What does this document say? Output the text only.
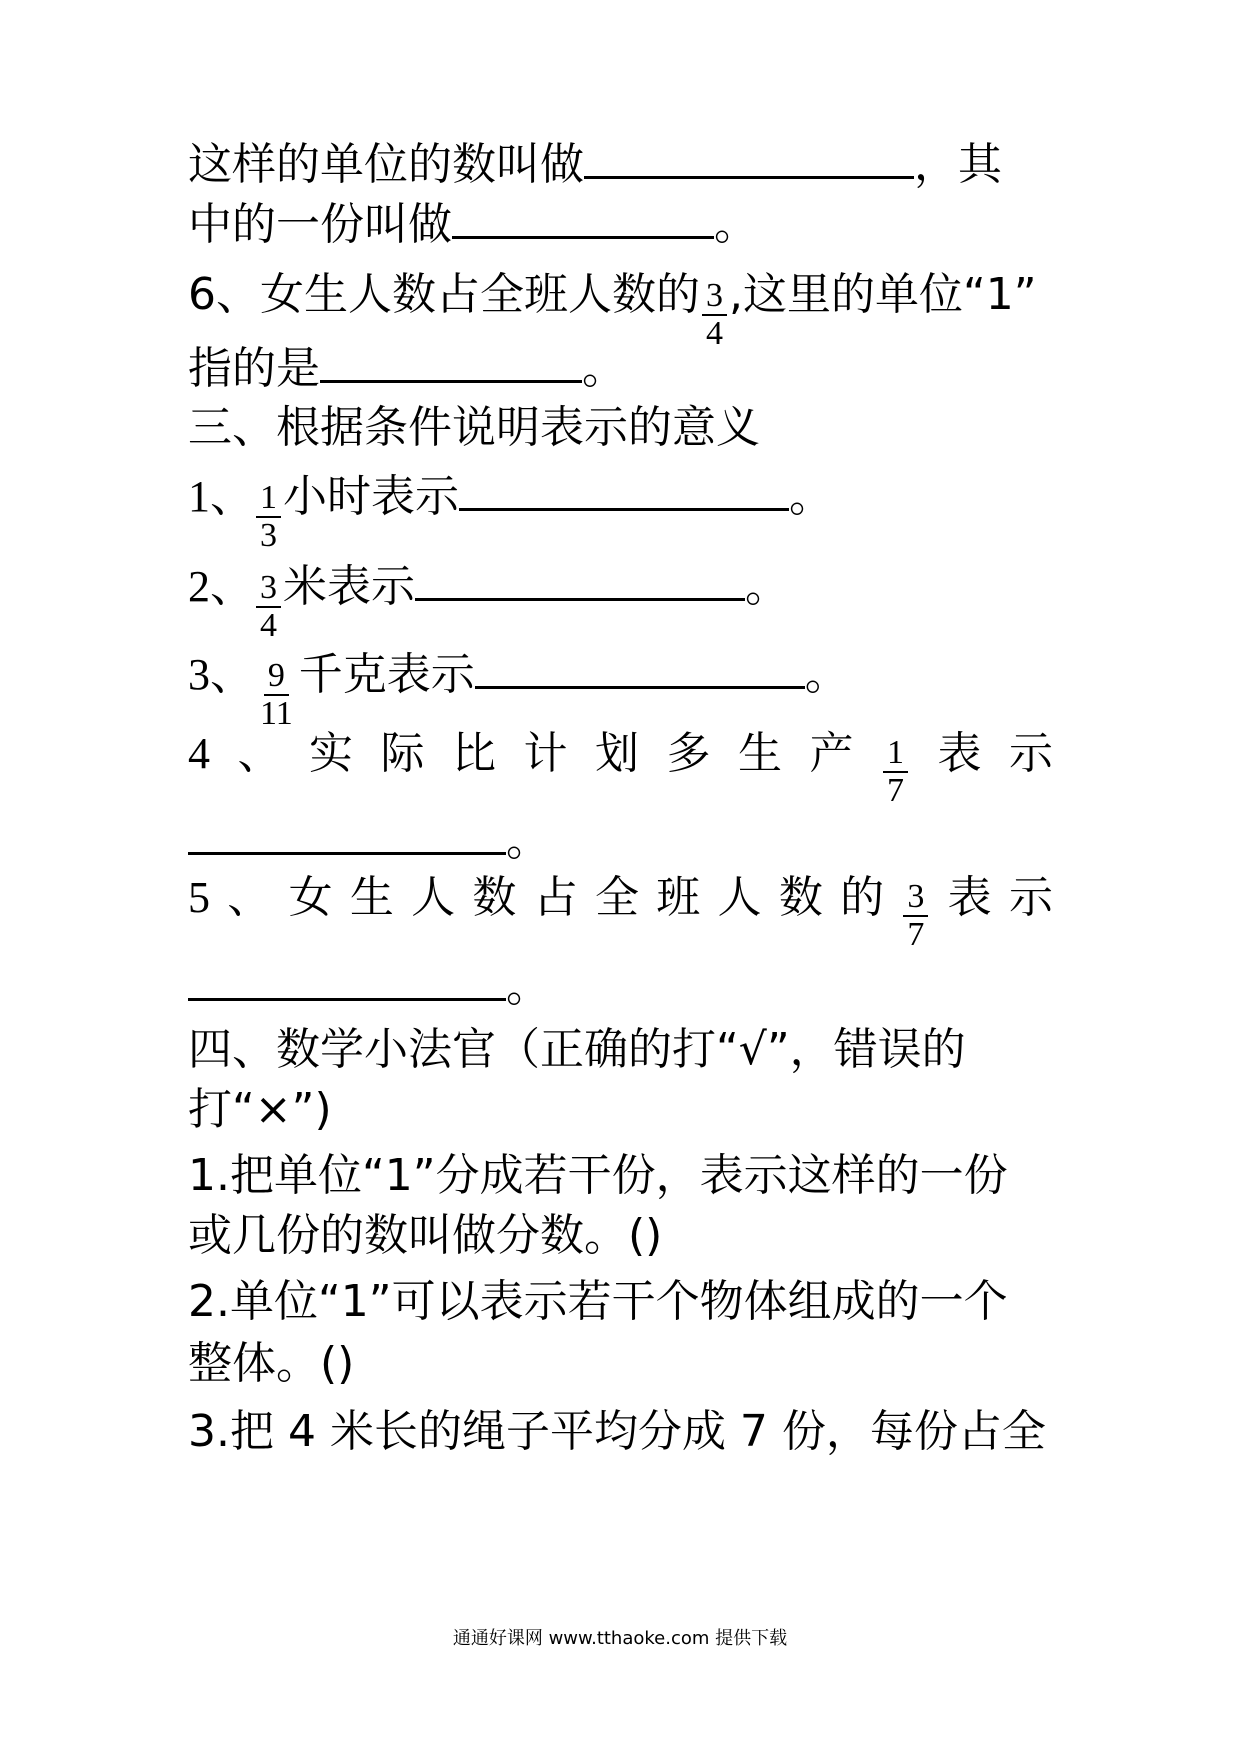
这样的单位的数叫做	，其
中的一份叫做	。
6、女生人数占全班人数的 $\frac{3}{4}$ ,这里的单位“1”
指的是	。
三、根据条件说明表示的意义
1、 $\frac{1}{3}$ 小时表示	。
2、 $\frac{3}{4}$ 米表示	。
3、 $\frac{9}{11}$ 千克表示	。
4 、 实 际 比 计 划 多 生 产 $\frac{1}{7}$ 表 示
。
5 、 女 生 人 数 占 全 班 人 数 的 $\frac{3}{7}$ 表 示
。
四、数学小法官（正确的打“√”，错误的
打“×”)
1.把单位“1”分成若干份，表示这样的一份
或几份的数叫做分数。()
2.单位“1”可以表示若干个物体组成的一个
整体。()
3.把 4 米长的绳子平均分成 7 份，每份占全
通通好课网 www.tthaoke.com 提供下载
